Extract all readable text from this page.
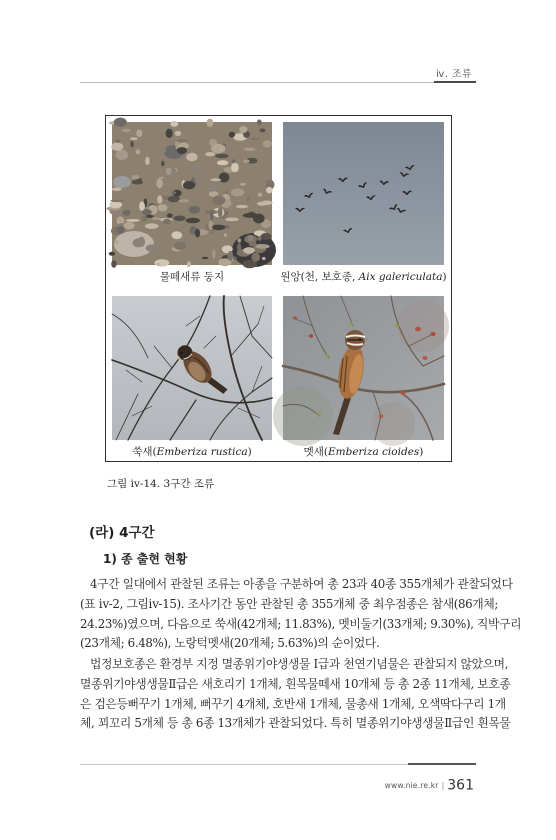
ⅳ. 조류
물떼새류 둥지	원앙(천, 보호종, Aix galericulata)
쑥새(Emberiza rustica)	멧새(Emberiza cioides)
그림 ⅳ-14. 3구간 조류
(라) 4구간
1) 종 출현 현황
4구간 일대에서 관찰된 조류는 아종을 구분하여 총 23과 40종 355개체가 관찰되었다
(표 ⅳ-2, 그림ⅳ-15). 조사기간 동안 관찰된 총 355개체 중 최우점종은 참새(86개체;
24.23%)였으며, 다음으로 쑥새(42개체; 11.83%), 멧비둘기(33개체; 9.30%), 직박구리
(23개체; 6.48%), 노랑턱멧새(20개체; 5.63%)의 순이었다.
법정보호종은 환경부 지정 멸종위기야생생물 Ⅰ급과 천연기념물은 관찰되지 않았으며,
멸종위기야생생물Ⅱ급은 새호리기 1개체, 흰목물떼새 10개체 등 총 2종 11개체, 보호종
은 검은등뻐꾸기 1개체, 뻐꾸기 4개체, 호반새 1개체, 물총새 1개체, 오색딱다구리 1개
체, 꾀꼬리 5개체 등 총 6종 13개체가 관찰되었다. 특히 멸종위기야생생물Ⅱ급인 흰목물
www.nie.re.kr | 361
